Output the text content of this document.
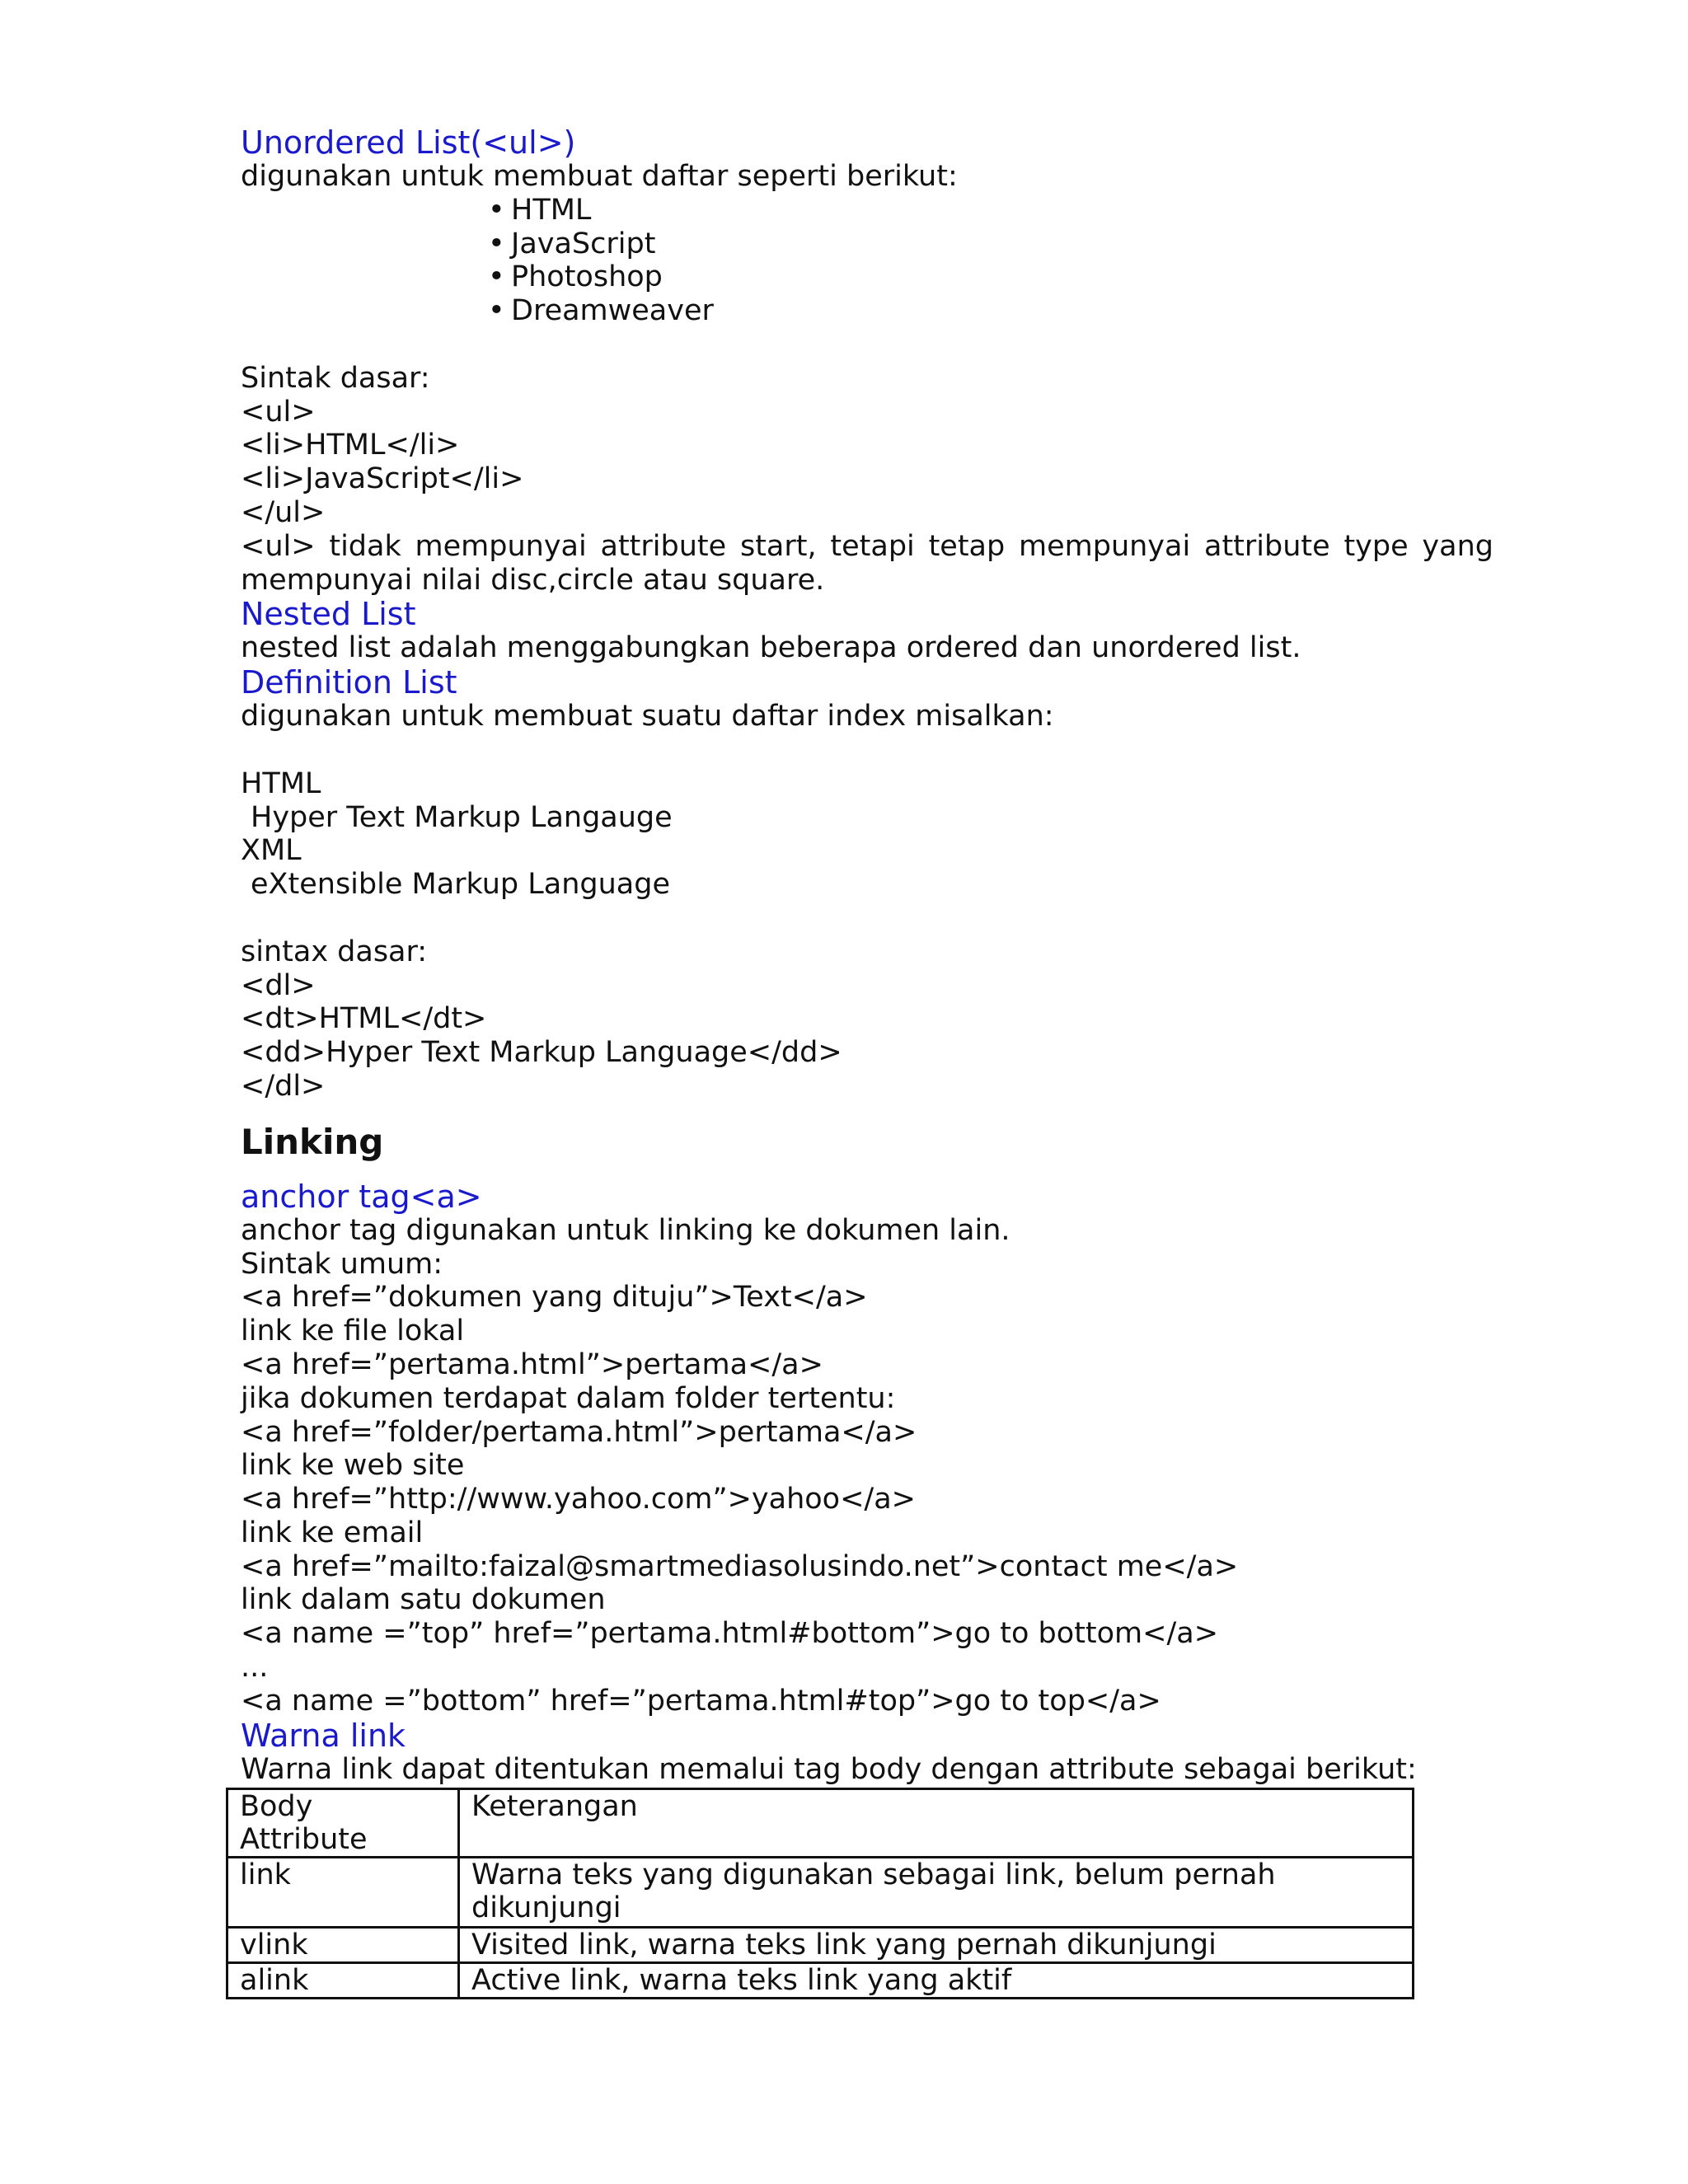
Unordered List(<ul>)

digunakan untuk membuat daftar seperti berikut:

• HTML
• JavaScript
• Photoshop
• Dreamweaver

Sintak dasar:

<ul>

<li>HTML</li>

<li>JavaScript</li>

</ul>

<ul> tidak mempunyai attribute start, tetapi tetap mempunyai attribute type yang mempunyai nilai disc,circle atau square.

Nested List

nested list adalah menggabungkan beberapa ordered dan unordered list.

Definition List

digunakan untuk membuat suatu daftar index misalkan:

HTML

Hyper Text Markup Langauge

XML

eXtensible Markup Language

sintax dasar:

<dl>

<dt>HTML</dt>

<dd>Hyper Text Markup Language</dd>

</dl>

Linking

anchor tag<a>

anchor tag digunakan untuk linking ke dokumen lain.

Sintak umum:

<a href=”dokumen yang dituju”>Text</a>

link ke file lokal

<a href=”pertama.html”>pertama</a>

jika dokumen terdapat dalam folder tertentu:

<a href=”folder/pertama.html”>pertama</a>

link ke web site

<a href=”http://www.yahoo.com”>yahoo</a>

link ke email

<a href=”mailto:faizal@smartmediasolusindo.net”>contact me</a>

link dalam satu dokumen

<a name =”top” href=”pertama.html#bottom”>go to bottom</a>

...

<a name =”bottom” href=”pertama.html#top”>go to top</a>

Warna link

Warna link dapat ditentukan memalui tag body dengan attribute sebagai berikut:

Body Attribute	Keterangan
link	Warna teks yang digunakan sebagai link, belum pernah dikunjungi
vlink	Visited link, warna teks link yang pernah dikunjungi
alink	Active link, warna teks link yang aktif
